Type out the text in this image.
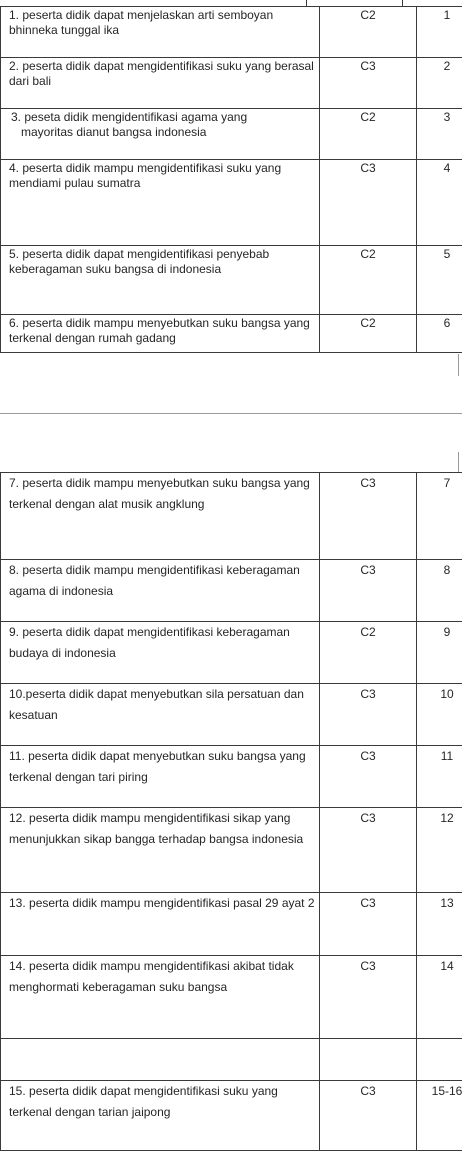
1. peserta didik dapat menjelaskan arti semboyan bhinneka tunggal ika	C2	1
2. peserta didik dapat mengidentifikasi suku yang berasal dari bali	C3	2

3. peseta didik mengidentifikasi agama yang
mayoritas dianut bangsa indonesia	C2	3
4. peserta didik mampu mengidentifikasi suku yang mendiami pulau sumatra	C3	4
5. peserta didik dapat mengidentifikasi penyebab keberagaman suku bangsa di indonesia	C2	5
6. peserta didik mampu menyebutkan suku bangsa yang terkenal dengan rumah gadang	C2	6
7. peserta didik mampu menyebutkan suku bangsa yang terkenal dengan alat musik angklung	C3	7
8. peserta didik mampu mengidentifikasi keberagaman agama di indonesia	C3	8
9. peserta didik dapat mengidentifikasi keberagaman budaya di indonesia	C2	9
10.peserta didik dapat menyebutkan sila persatuan dan kesatuan	C3	10
11. peserta didik dapat menyebutkan suku bangsa yang terkenal dengan tari piring	C3	11
12. peserta didik mampu mengidentifikasi sikap yang menunjukkan sikap bangga terhadap bangsa indonesia	C3	12
13. peserta didik mampu mengidentifikasi pasal 29 ayat 2	C3	13
14. peserta didik mampu mengidentifikasi akibat tidak menghormati keberagaman suku bangsa	C3	14

15. peserta didik dapat mengidentifikasi suku yang terkenal dengan tarian jaipong	C3	15-16
